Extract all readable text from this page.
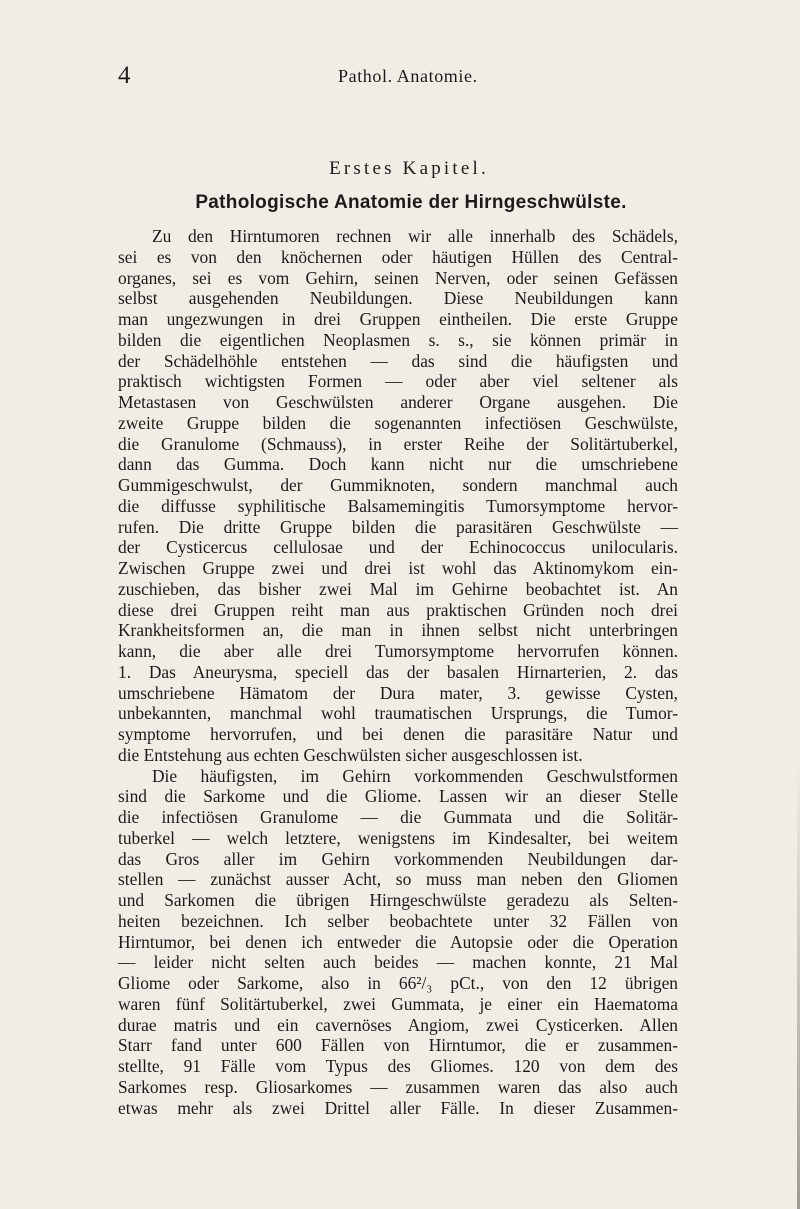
4	Pathol. Anatomie.
Erstes Kapitel.
Pathologische Anatomie der Hirngeschwülste.
Zu den Hirntumoren rechnen wir alle innerhalb des Schädels,
sei es von den knöchernen oder häutigen Hüllen des Central-
organes, sei es vom Gehirn, seinen Nerven, oder seinen Gefässen
selbst ausgehenden Neubildungen. Diese Neubildungen kann
man ungezwungen in drei Gruppen eintheilen. Die erste Gruppe
bilden die eigentlichen Neoplasmen s. s., sie können primär in
der Schädelhöhle entstehen — das sind die häufigsten und
praktisch wichtigsten Formen — oder aber viel seltener als
Metastasen von Geschwülsten anderer Organe ausgehen. Die
zweite Gruppe bilden die sogenannten infectiösen Geschwülste,
die Granulome (Schmauss), in erster Reihe der Solitärtuberkel,
dann das Gumma. Doch kann nicht nur die umschriebene
Gummigeschwulst, der Gummiknoten, sondern manchmal auch
die diffusse syphilitische Balsamemingitis Tumorsymptome hervor-
rufen. Die dritte Gruppe bilden die parasitären Geschwülste —
der Cysticercus cellulosae und der Echinococcus unilocularis.
Zwischen Gruppe zwei und drei ist wohl das Aktinomykom ein-
zuschieben, das bisher zwei Mal im Gehirne beobachtet ist. An
diese drei Gruppen reiht man aus praktischen Gründen noch drei
Krankheitsformen an, die man in ihnen selbst nicht unterbringen
kann, die aber alle drei Tumorsymptome hervorrufen können.
1. Das Aneurysma, speciell das der basalen Hirnarterien, 2. das
umschriebene Hämatom der Dura mater, 3. gewisse Cysten,
unbekannten, manchmal wohl traumatischen Ursprungs, die Tumor-
symptome hervorrufen, und bei denen die parasitäre Natur und
die Entstehung aus echten Geschwülsten sicher ausgeschlossen ist.
Die häufigsten, im Gehirn vorkommenden Geschwulstformen
sind die Sarkome und die Gliome. Lassen wir an dieser Stelle
die infectiösen Granulome — die Gummata und die Solitär-
tuberkel — welch letztere, wenigstens im Kindesalter, bei weitem
das Gros aller im Gehirn vorkommenden Neubildungen dar-
stellen — zunächst ausser Acht, so muss man neben den Gliomen
und Sarkomen die übrigen Hirngeschwülste geradezu als Selten-
heiten bezeichnen. Ich selber beobachtete unter 32 Fällen von
Hirntumor, bei denen ich entweder die Autopsie oder die Operation
— leider nicht selten auch beides — machen konnte, 21 Mal
Gliome oder Sarkome, also in 66²/₃ pCt., von den 12 übrigen
waren fünf Solitärtuberkel, zwei Gummata, je einer ein Haematoma
durae matris und ein cavernöses Angiom, zwei Cysticerken. Allen
Starr fand unter 600 Fällen von Hirntumor, die er zusammen-
stellte, 91 Fälle vom Typus des Gliomes. 120 von dem des
Sarkomes resp. Gliosarkomes — zusammen waren das also auch
etwas mehr als zwei Drittel aller Fälle. In dieser Zusammen-
